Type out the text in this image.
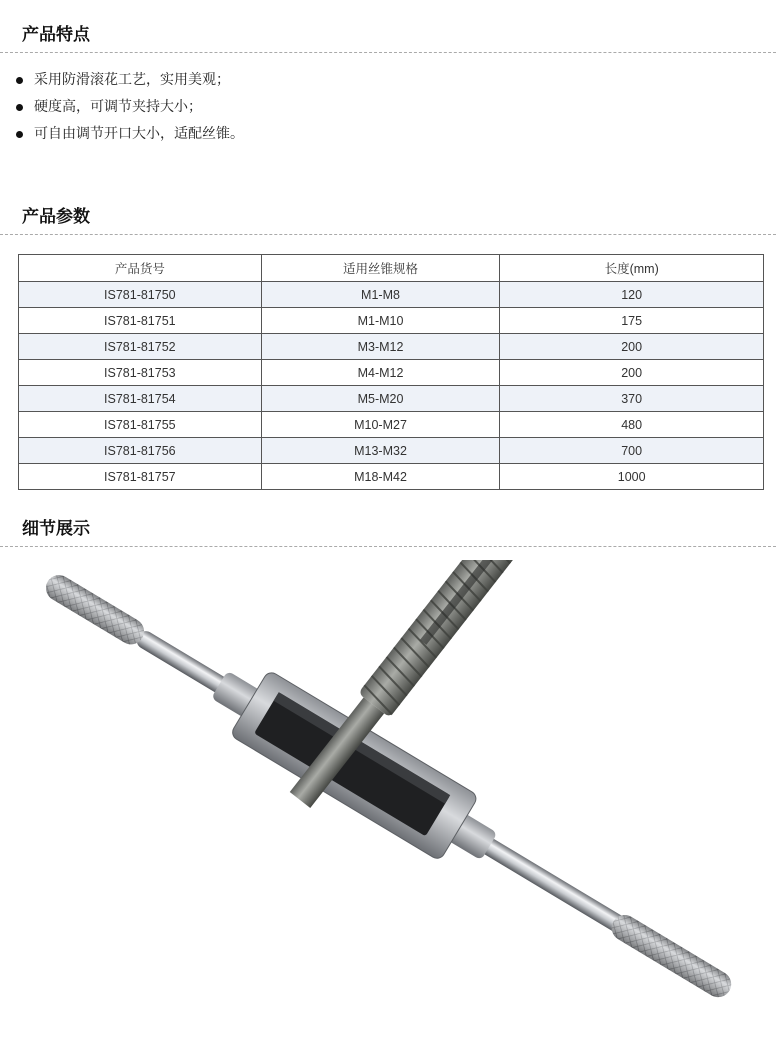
产品特点
采用防滑滚花工艺，实用美观；
硬度高，可调节夹持大小；
可自由调节开口大小，适配丝锥。
产品参数
产品货号	适用丝锥规格	长度(mm)
IS781-81750	M1-M8	120
IS781-81751	M1-M10	175
IS781-81752	M3-M12	200
IS781-81753	M4-M12	200
IS781-81754	M5-M20	370
IS781-81755	M10-M27	480
IS781-81756	M13-M32	700
IS781-81757	M18-M42	1000
细节展示
